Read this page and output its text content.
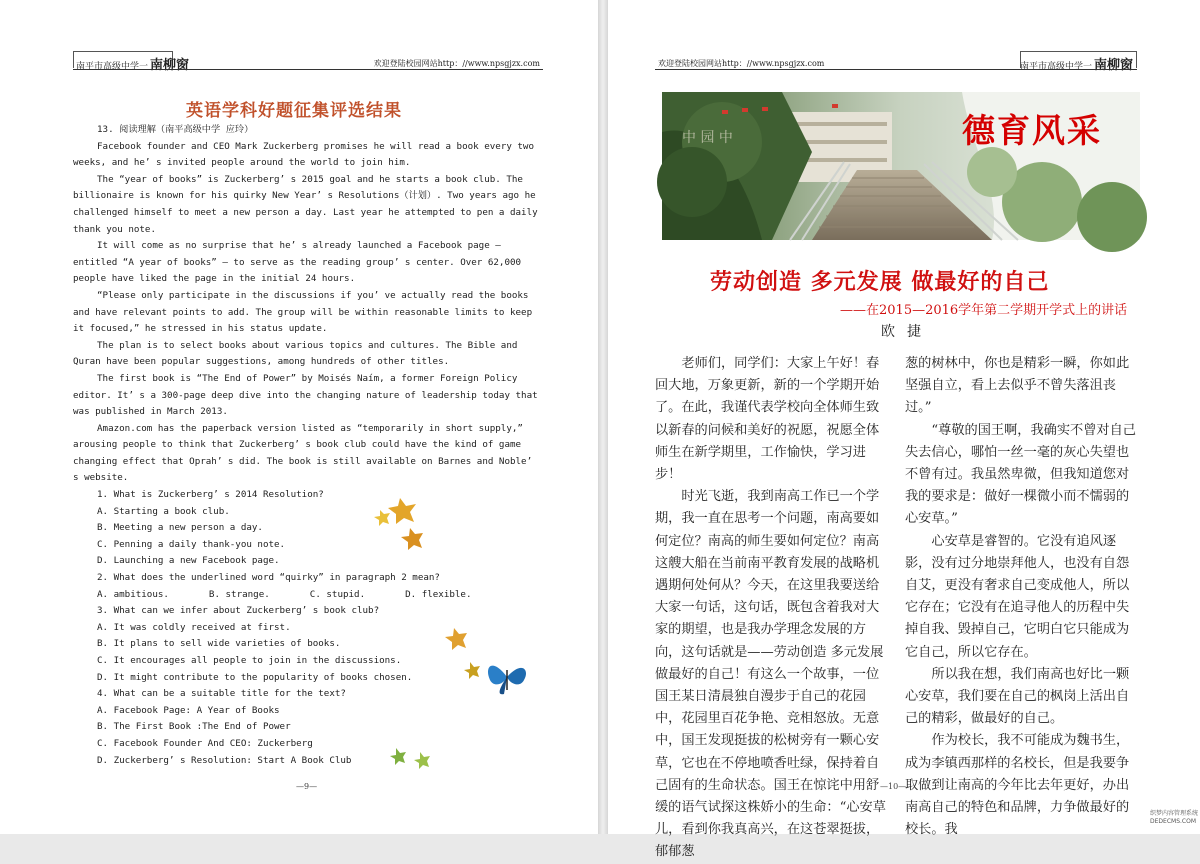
南平市高级中学一 南柳窗	欢迎登陆校园网站http：//www.npsgjzx.com
英语学科好题征集评选结果

13. 阅读理解（南平高级中学 应玲）

Facebook founder and CEO Mark Zuckerberg promises he will read a book every two weeks, and he’ s invited people around the world to join him.

The “year of books” is Zuckerberg’ s 2015 goal and he starts a book club. The billionaire is known for his quirky New Year’ s Resolutions（计划）. Two years ago he challenged himself to meet a new person a day. Last year he attempted to pen a daily thank you note.

It will come as no surprise that he’ s already launched a Facebook page — entitled “A year of books” — to serve as the reading group’ s center. Over 62,000 people have liked the page in the initial 24 hours.

“Please only participate in the discussions if you’ ve actually read the books and have relevant points to add. The group will be within reasonable limits to keep it focused,” he stressed in his status update.

The plan is to select books about various topics and cultures. The Bible and Quran have been popular suggestions, among hundreds of other titles.

The first book is “The End of Power” by Moisés Naím, a former Foreign Policy editor. It’ s a 300-page deep dive into the changing nature of leadership today that was published in March 2013.

Amazon.com has the paperback version listed as “temporarily in short supply,” arousing people to think that Zuckerberg’ s book club could have the kind of game changing effect that Oprah’ s did. The book is still available on Barnes and Noble’ s website.

1. What is Zuckerberg’ s 2014 Resolution?

A. Starting a book club.

B. Meeting a new person a day.

C. Penning a daily thank-you note.

D. Launching a new Facebook page.

2. What does the underlined word “quirky” in paragraph 2 mean?

A. ambitious.	B. strange.	C. stupid.	D. flexible.

3. What can we infer about Zuckerberg’ s book club?

A. It was coldly received at first.

B. It plans to sell wide varieties of books.

C. It encourages all people to join in the discussions.

D. It might contribute to the popularity of books chosen.

4. What can be a suitable title for the text?

A. Facebook Page: A Year of Books

B. The First Book :The End of Power

C. Facebook Founder And CEO: Zuckerberg

D. Zuckerberg’ s Resolution: Start A Book Club

—9—
欢迎登陆校园网站http：//www.npsgjzx.com	南平市高级中学一 南柳窗
中 园 中	德育风采
劳动创造 多元发展 做最好的自己
——在2015—2016学年第二学期开学式上的讲话
欧捷

老师们，同学们：大家上午好！春回大地，万象更新，新的一个学期开始了。在此，我谨代表学校向全体师生致以新春的问候和美好的祝愿，祝愿全体师生在新学期里，工作愉快，学习进步！

时光飞逝，我到南高工作已一个学期，我一直在思考一个问题，南高要如何定位？南高的师生要如何定位？南高这艘大船在当前南平教育发展的战略机遇期何处何从？今天，在这里我要送给大家一句话，这句话，既包含着我对大家的期望，也是我办学理念发展的方向，这句话就是——劳动创造 多元发展 做最好的自己！有这么一个故事，一位国王某日清晨独自漫步于自己的花园中，花园里百花争艳、竞相怒放。无意中，国王发现挺拔的松树旁有一颗心安草，它也在不停地喷香吐绿，保持着自己固有的生命状态。国王在惊诧中用舒缓的语气试探这株娇小的生命：“心安草儿，看到你我真高兴，在这苍翠挺拔，郁郁葱

葱的树林中，你也是精彩一瞬，你如此坚强自立，看上去似乎不曾失落沮丧过。”

“尊敬的国王啊，我确实不曾对自己失去信心，哪怕一丝一毫的灰心失望也不曾有过。我虽然卑微，但我知道您对我的要求是：做好一棵微小而不懦弱的心安草。”

心安草是睿智的。它没有追风逐影，没有过分地崇拜他人，也没有自怨自艾，更没有奢求自己变成他人，所以它存在；它没有在追寻他人的历程中失掉自我、毁掉自己，它明白它只能成为它自己，所以它存在。

所以我在想，我们南高也好比一颗心安草，我们要在自己的枫岗上活出自己的精彩，做最好的自己。

作为校长，我不可能成为魏书生，成为李镇西那样的名校长，但是我要争取做到让南高的今年比去年更好，办出南高自己的特色和品牌，力争做最好的校长。我

—10—
织梦内容管理系统 DEDECMS.COM
